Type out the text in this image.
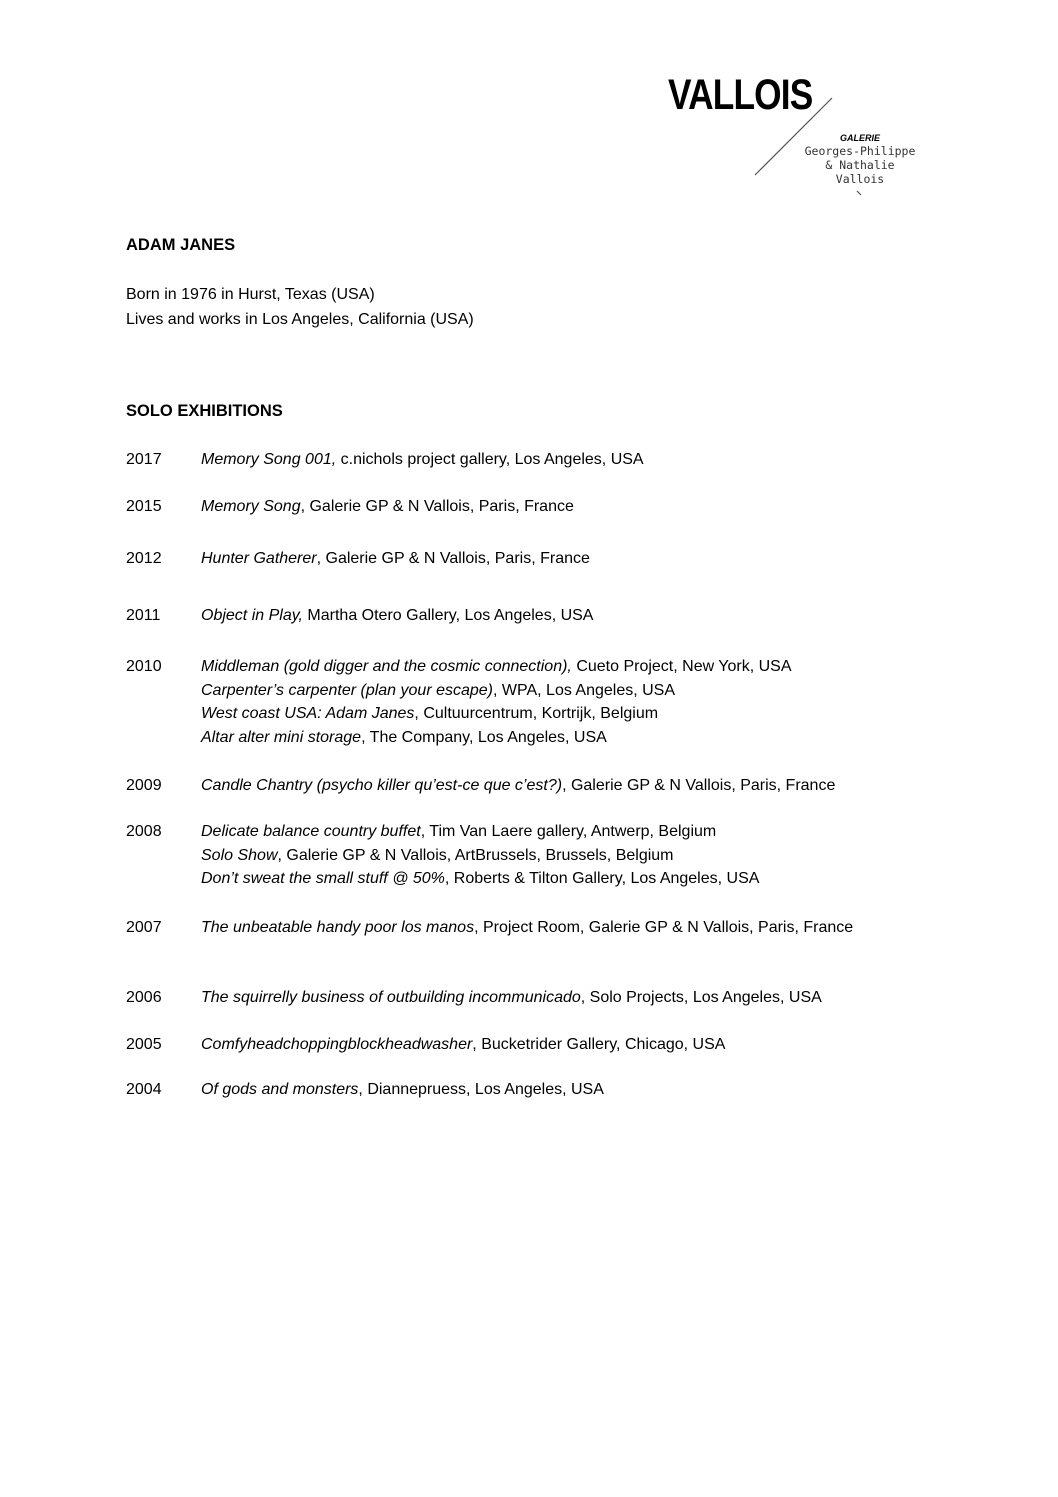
VALLOIS
GALERIE
Georges-Philippe
& Nathalie
Vallois
ADAM JANES
Born in 1976 in Hurst, Texas (USA)
Lives and works in Los Angeles, California (USA)
SOLO EXHIBITIONS
2017 Memory Song 001, c.nichols project gallery, Los Angeles, USA
2015 Memory Song, Galerie GP & N Vallois, Paris, France
2012 Hunter Gatherer, Galerie GP & N Vallois, Paris, France
2011	Object in Play, Martha Otero Gallery, Los Angeles, USA
2010 Middleman (gold digger and the cosmic connection), Cueto Project, New York, USA
Carpenter’s carpenter (plan your escape), WPA, Los Angeles, USA
West coast USA: Adam Janes, Cultuurcentrum, Kortrijk, Belgium
Altar alter mini storage, The Company, Los Angeles, USA
2009 Candle Chantry (psycho killer qu’est-ce que c’est?), Galerie GP & N Vallois, Paris, France
2008 Delicate balance country buffet, Tim Van Laere gallery, Antwerp, Belgium
Solo Show, Galerie GP & N Vallois, ArtBrussels, Brussels, Belgium
Don’t sweat the small stuff @ 50%, Roberts & Tilton Gallery, Los Angeles, USA
2007 The unbeatable handy poor los manos, Project Room, Galerie GP & N Vallois, Paris, France
2006 The squirrelly business of outbuilding incommunicado, Solo Projects, Los Angeles, USA
2005 Comfyheadchoppingblockheadwasher, Bucketrider Gallery, Chicago, USA
2004 Of gods and monsters, Diannepruess, Los Angeles, USA
